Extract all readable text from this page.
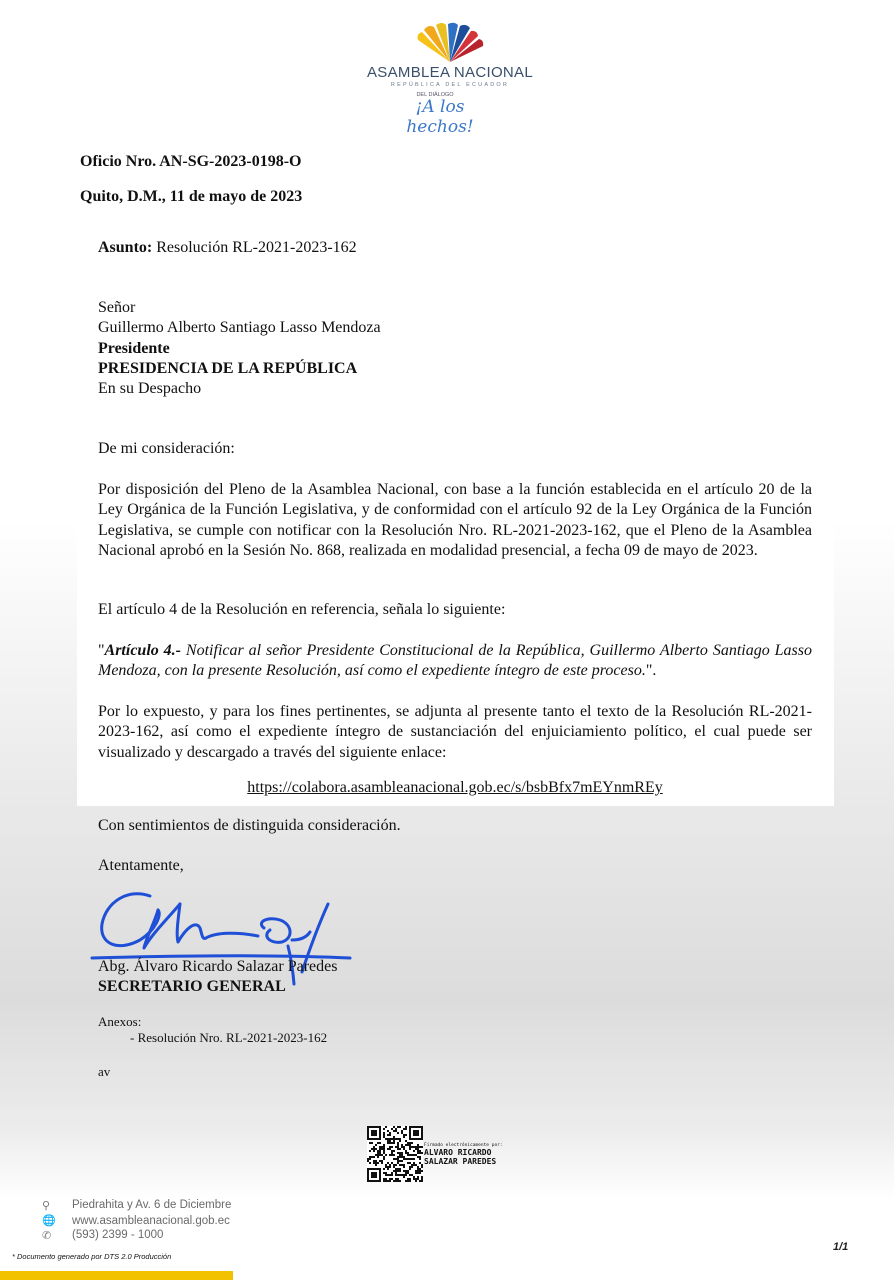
ASAMBLEA NACIONAL
REPÚBLICA DEL ECUADOR
DEL DIÁLOGO
¡A los hechos!
Oficio Nro. AN-SG-2023-0198-O
Quito, D.M., 11 de mayo de 2023
Asunto: Resolución RL-2021-2023-162
Señor
Guillermo Alberto Santiago Lasso Mendoza
Presidente
PRESIDENCIA DE LA REPÚBLICA
En su Despacho
De mi consideración:
Por disposición del Pleno de la Asamblea Nacional, con base a la función establecida en el artículo 20 de la Ley Orgánica de la Función Legislativa, y de conformidad con el artículo 92 de la Ley Orgánica de la Función Legislativa, se cumple con notificar con la Resolución Nro. RL-2021-2023-162, que el Pleno de la Asamblea Nacional aprobó en la Sesión No. 868, realizada en modalidad presencial, a fecha 09 de mayo de 2023.
El artículo 4 de la Resolución en referencia, señala lo siguiente:
"Artículo 4.- Notificar al señor Presidente Constitucional de la República, Guillermo Alberto Santiago Lasso Mendoza, con la presente Resolución, así como el expediente íntegro de este proceso.".
Por lo expuesto, y para los fines pertinentes, se adjunta al presente tanto el texto de la Resolución RL-2021-2023-162, así como el expediente íntegro de sustanciación del enjuiciamiento político, el cual puede ser visualizado y descargado a través del siguiente enlace:
https://colabora.asambleanacional.gob.ec/s/bsbBfx7mEYnmREy
Con sentimientos de distinguida consideración.
Atentamente,
Abg. Álvaro Ricardo Salazar Paredes
SECRETARIO GENERAL
Anexos:
- Resolución Nro. RL-2021-2023-162
av
Firmado electrónicamente por:
ALVARO RICARDO
SALAZAR PAREDES
⚲ Piedrahita y Av. 6 de Diciembre
🌐 www.asambleanacional.gob.ec
✆ (593) 2399 - 1000
* Documento generado por DTS 2.0 Producción
1/1
